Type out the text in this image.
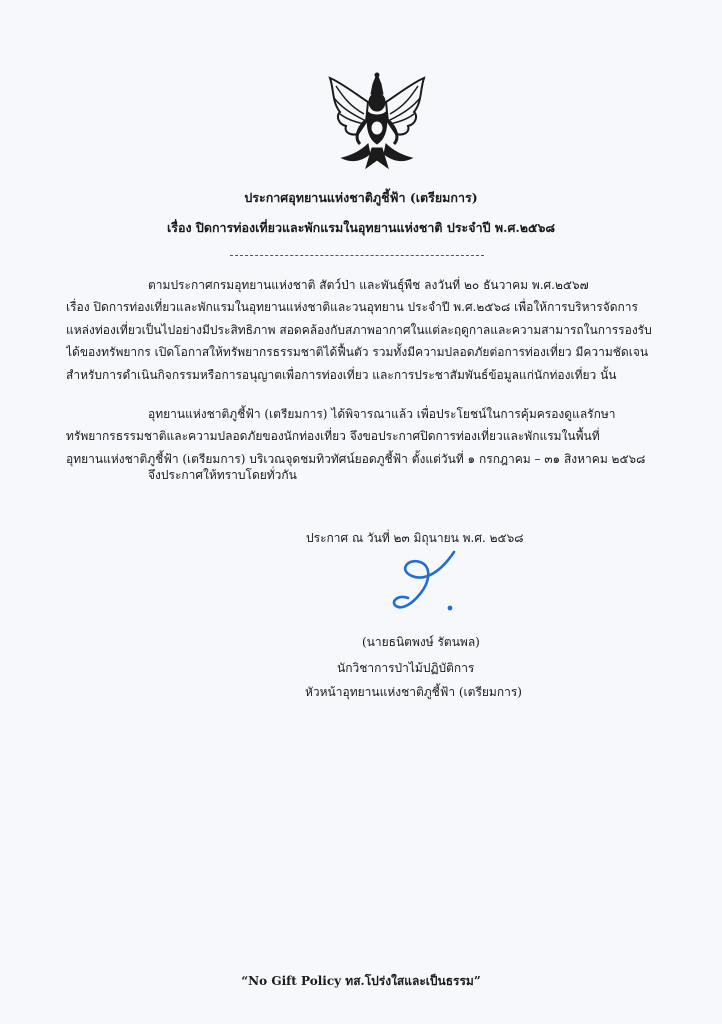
ประกาศอุทยานแห่งชาติภูชี้ฟ้า (เตรียมการ)
เรื่อง ปิดการท่องเที่ยวและพักแรมในอุทยานแห่งชาติ ประจำปี พ.ศ.๒๕๖๘
ตามประกาศกรมอุทยานแห่งชาติ สัตว์ป่า และพันธุ์พืช ลงวันที่ ๒๐ ธันวาคม พ.ศ.๒๕๖๗
เรื่อง ปิดการท่องเที่ยวและพักแรมในอุทยานแห่งชาติและวนอุทยาน ประจำปี พ.ศ.๒๕๖๘ เพื่อให้การบริหารจัดการ
แหล่งท่องเที่ยวเป็นไปอย่างมีประสิทธิภาพ สอดคล้องกับสภาพอากาศในแต่ละฤดูกาลและความสามารถในการรองรับ
ได้ของทรัพยากร เปิดโอกาสให้ทรัพยากรธรรมชาติได้ฟื้นตัว รวมทั้งมีความปลอดภัยต่อการท่องเที่ยว มีความชัดเจน
สำหรับการดำเนินกิจกรรมหรือการอนุญาตเพื่อการท่องเที่ยว และการประชาสัมพันธ์ข้อมูลแก่นักท่องเที่ยว นั้น
อุทยานแห่งชาติภูชี้ฟ้า (เตรียมการ) ได้พิจารณาแล้ว เพื่อประโยชน์ในการคุ้มครองดูแลรักษา
ทรัพยากรธรรมชาติและความปลอดภัยของนักท่องเที่ยว จึงขอประกาศปิดการท่องเที่ยวและพักแรมในพื้นที่
อุทยานแห่งชาติภูชี้ฟ้า (เตรียมการ) บริเวณจุดชมทิวทัศน์ยอดภูชี้ฟ้า ตั้งแต่วันที่ ๑ กรกฎาคม – ๓๑ สิงหาคม ๒๕๖๘
จึงประกาศให้ทราบโดยทั่วกัน
ประกาศ ณ วันที่ ๒๓ มิถุนายน พ.ศ. ๒๕๖๘
(นายธนิตพงษ์ รัตนพล)
นักวิชาการป่าไม้ปฏิบัติการ
หัวหน้าอุทยานแห่งชาติภูชี้ฟ้า (เตรียมการ)
“No Gift Policy ทส.โปร่งใสและเป็นธรรม”
